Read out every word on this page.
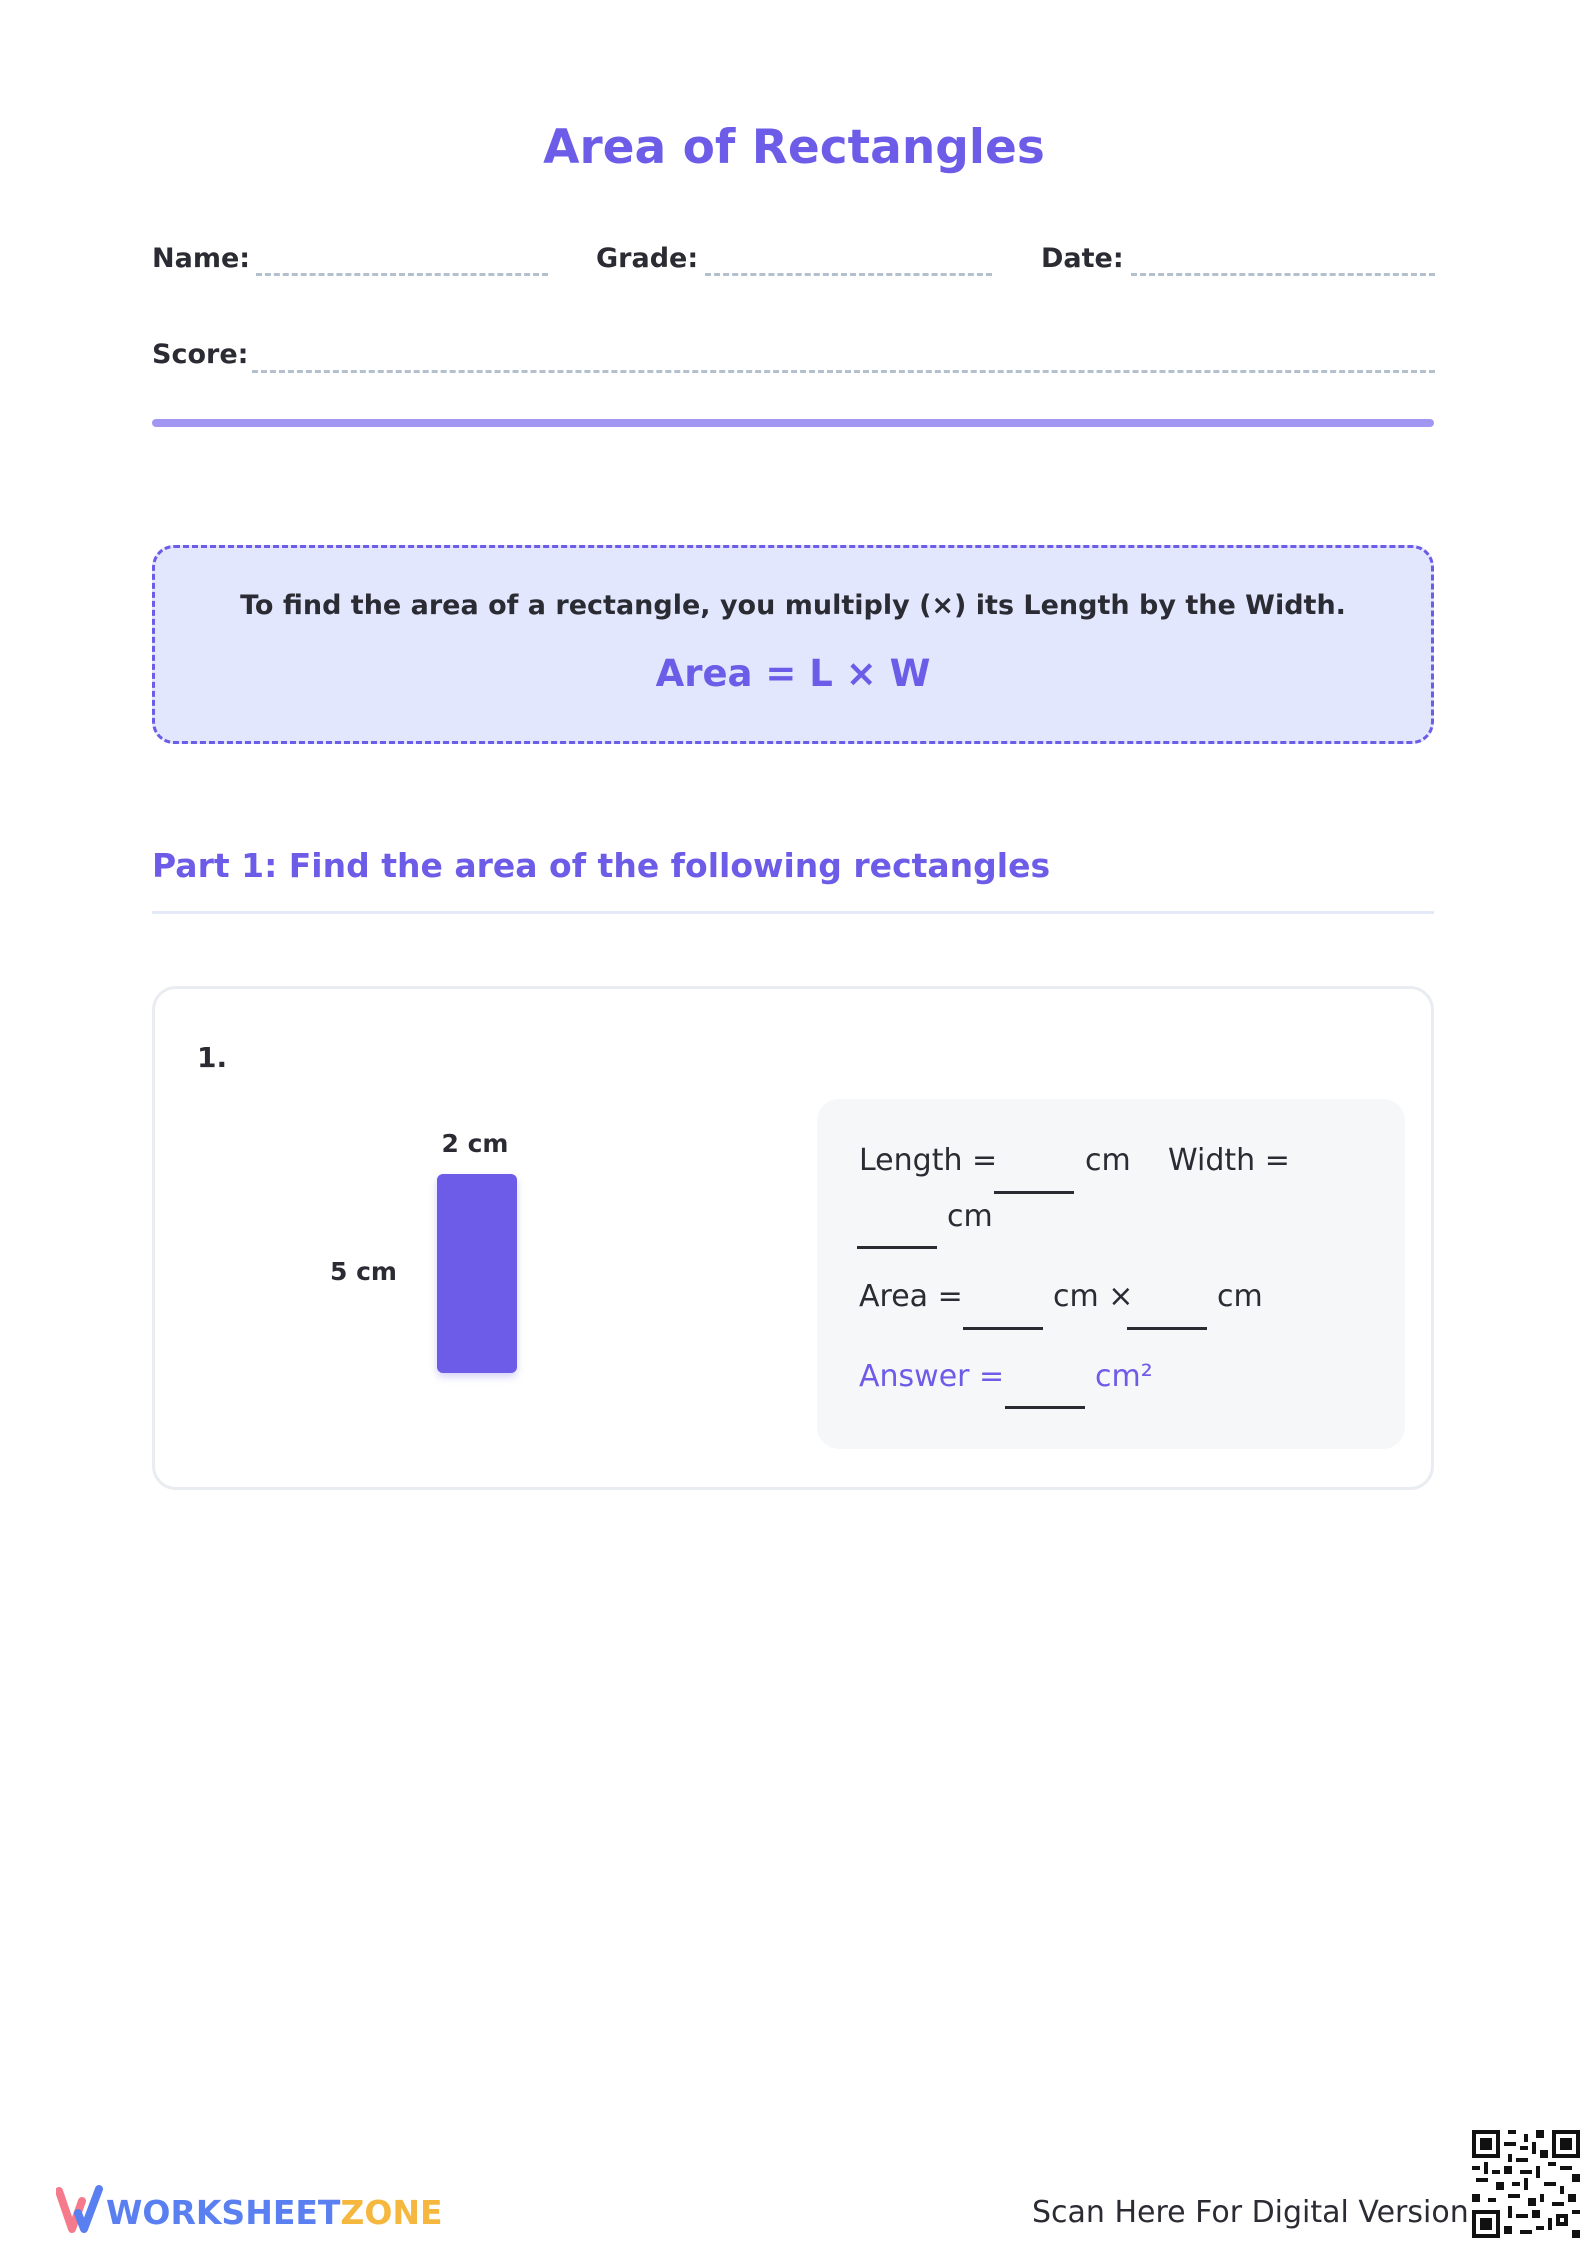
Area of Rectangles
Name:	Grade:	Date:
Score:
To find the area of a rectangle, you multiply (×) its Length by the Width.
Area = L × W
Part 1: Find the area of the following rectangles
1.
2 cm
5 cm
Length =	cm Width =
cm
Area =	cm ×	cm
Answer =	cm²
WORKSHEETZONE	Scan Here For Digital Version
